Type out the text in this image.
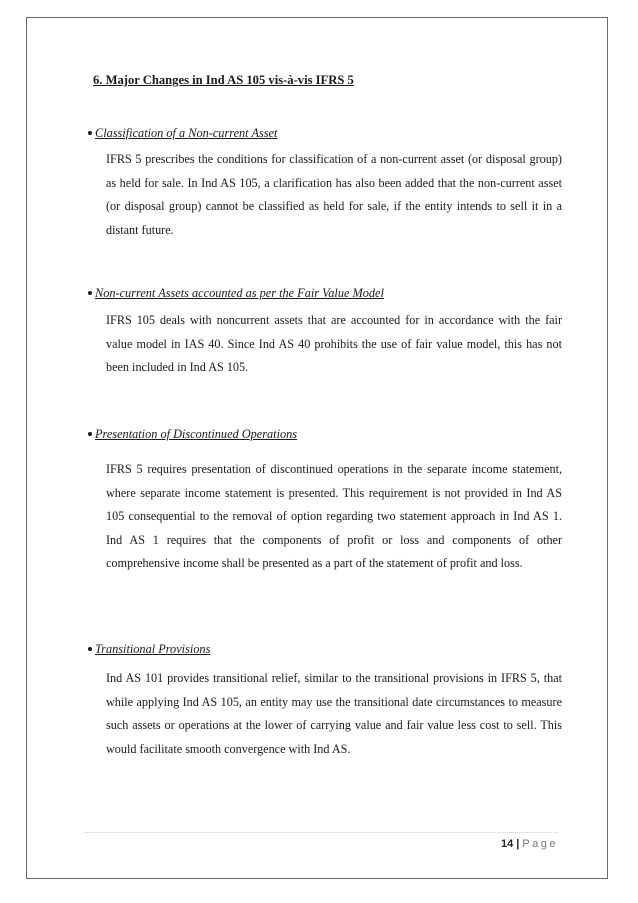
6. Major Changes in Ind AS 105 vis-à-vis IFRS 5
Classification of a Non-current Asset

IFRS 5 prescribes the conditions for classification of a non-current asset (or disposal group) as held for sale. In Ind AS 105, a clarification has also been added that the non-current asset (or disposal group) cannot be classified as held for sale, if the entity intends to sell it in a distant future.

Non-current Assets accounted as per the Fair Value Model

IFRS 105 deals with noncurrent assets that are accounted for in accordance with the fair value model in IAS 40. Since Ind AS 40 prohibits the use of fair value model, this has not been included in Ind AS 105.

Presentation of Discontinued Operations

IFRS 5 requires presentation of discontinued operations in the separate income statement, where separate income statement is presented. This requirement is not provided in Ind AS 105 consequential to the removal of option regarding two statement approach in Ind AS 1. Ind AS 1 requires that the components of profit or loss and components of other comprehensive income shall be presented as a part of the statement of profit and loss.

Transitional Provisions

Ind AS 101 provides transitional relief, similar to the transitional provisions in IFRS 5, that while applying Ind AS 105, an entity may use the transitional date circumstances to measure such assets or operations at the lower of carrying value and fair value less cost to sell. This would facilitate smooth convergence with Ind AS.

14 | Page
